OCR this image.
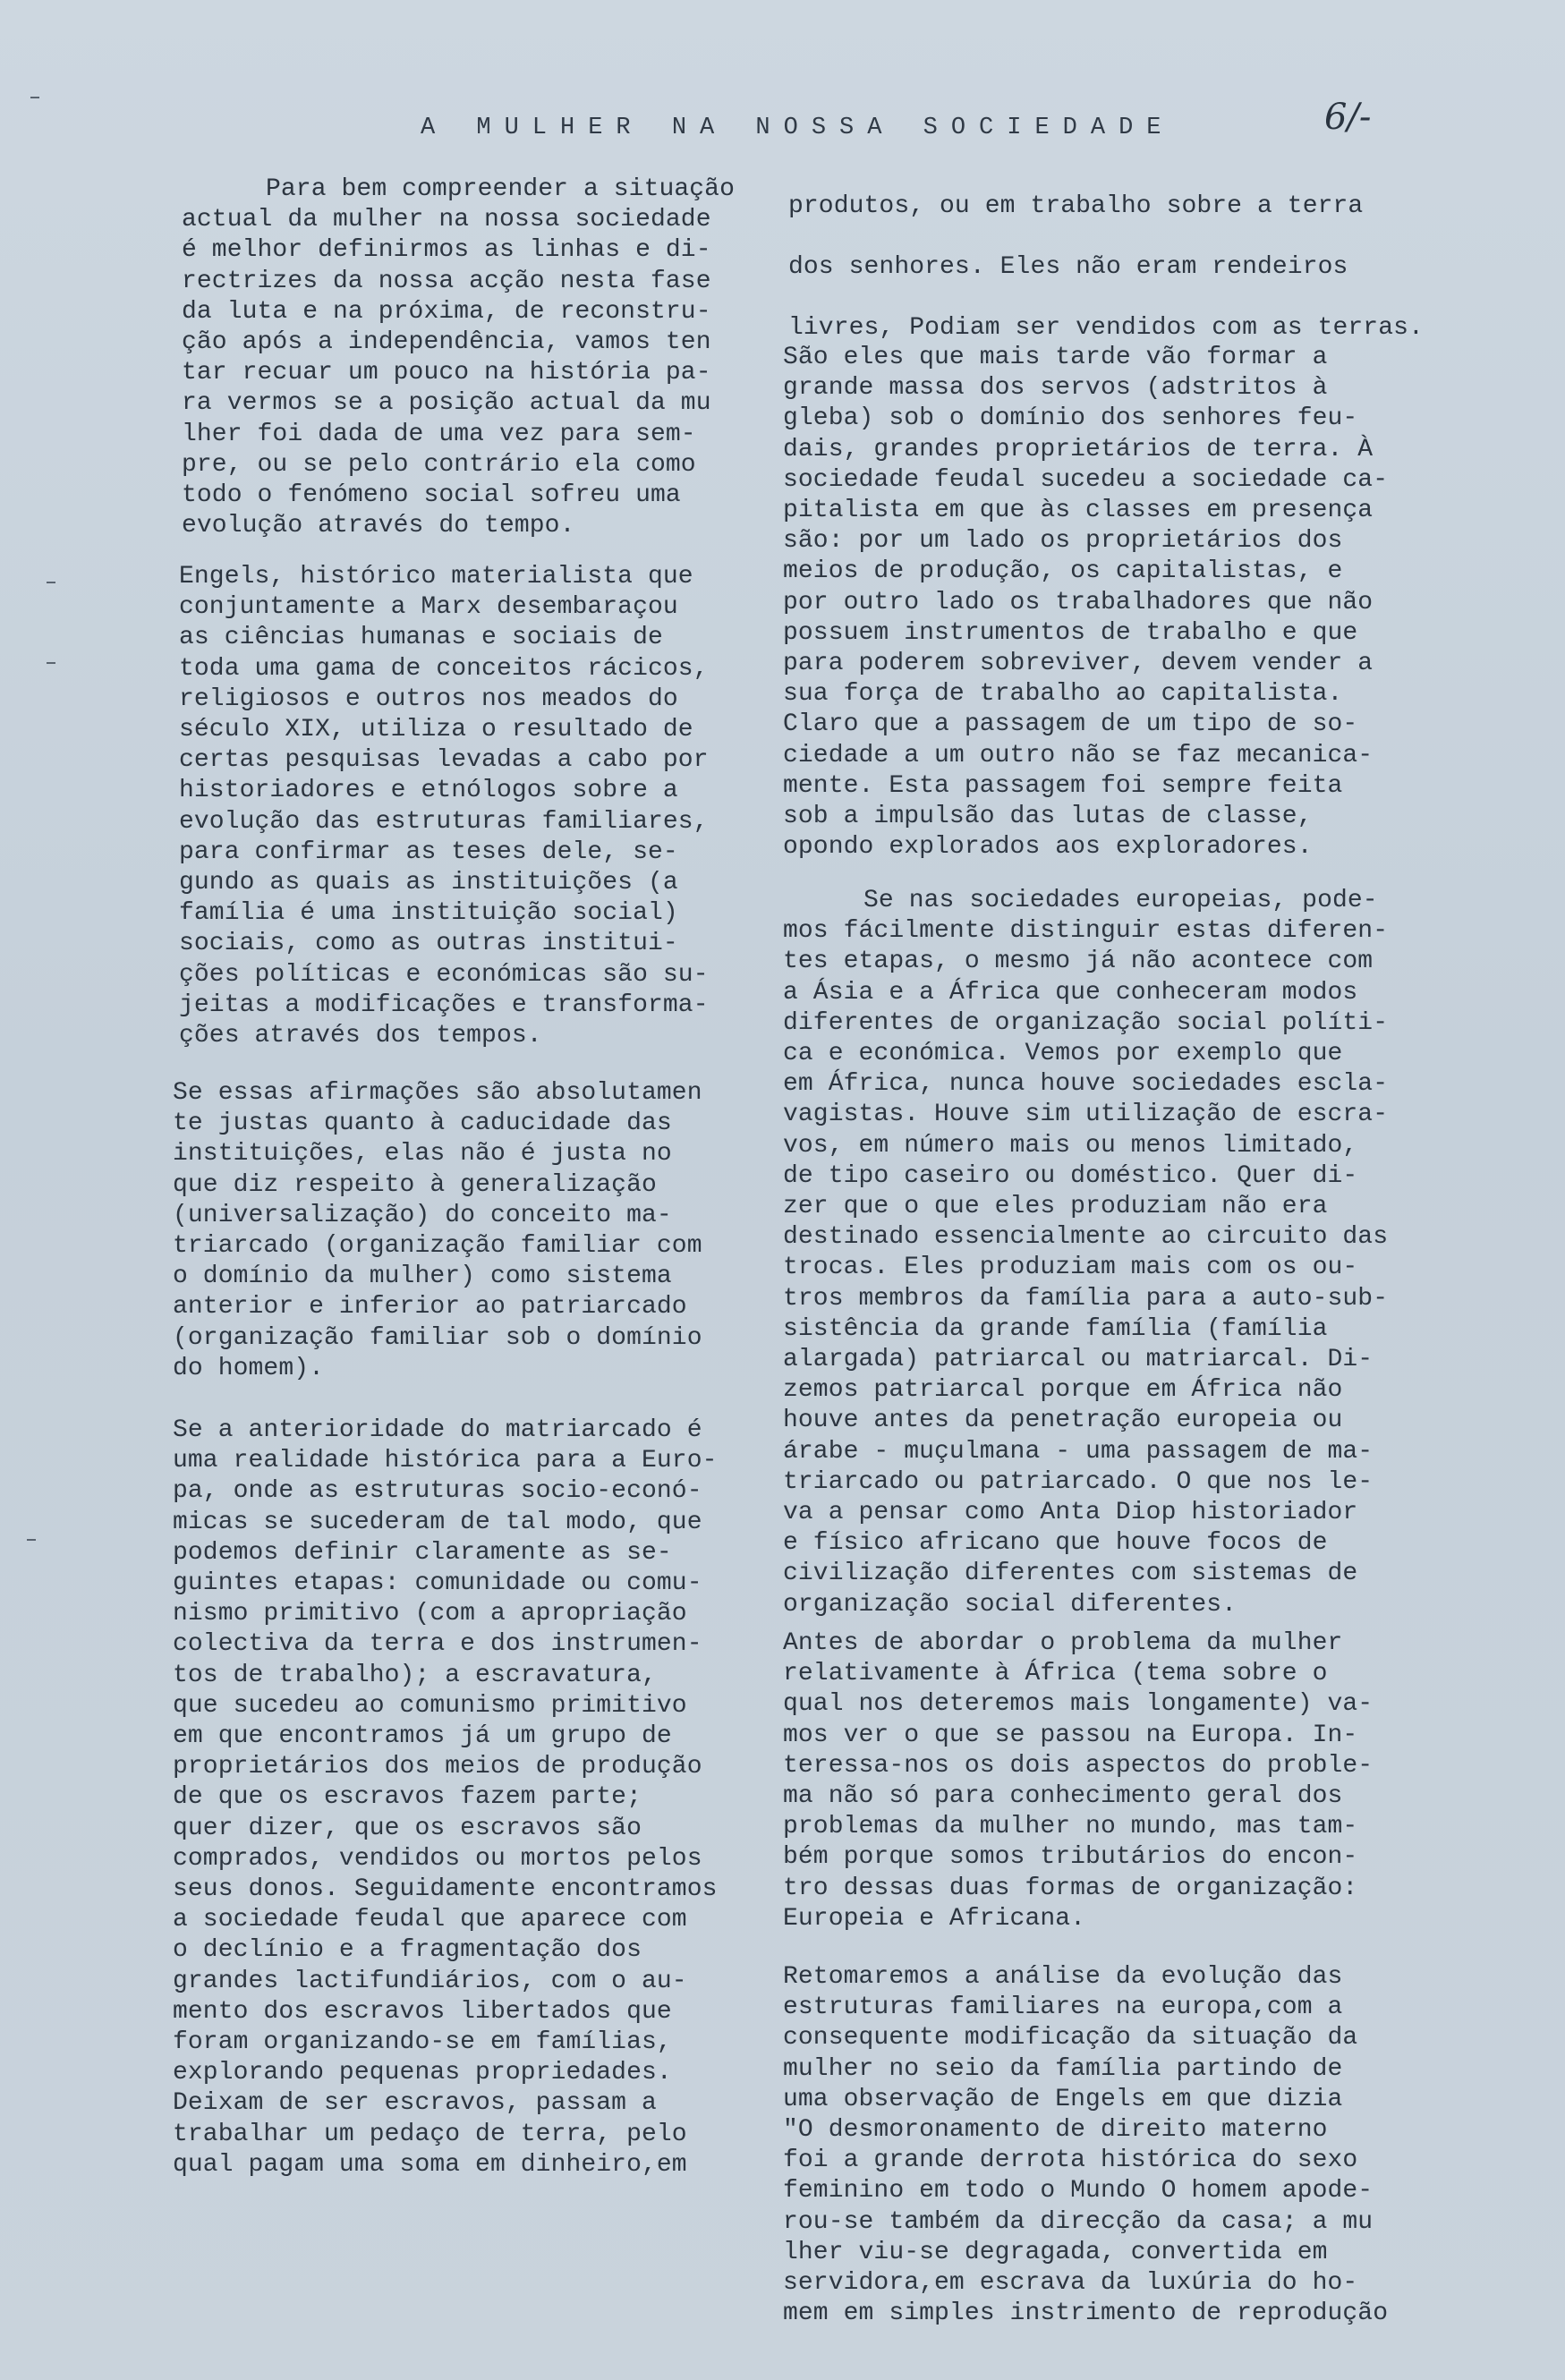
A MULHER NA NOSSA SOCIEDADE	6/-
Para bem compreender a situação
actual da mulher na nossa sociedade
é melhor definirmos as linhas e di-
rectrizes da nossa acção nesta fase
da luta e na próxima, de reconstru-
ção após a independência, vamos ten
tar recuar um pouco na história pa-
ra vermos se a posição actual da mu
lher foi dada de uma vez para sem-
pre, ou se pelo contrário ela como
todo o fenómeno social sofreu uma
evolução através do tempo.
Engels, histórico materialista que
conjuntamente a Marx desembaraçou
as ciências humanas e sociais de
toda uma gama de conceitos rácicos,
religiosos e outros nos meados do
século XIX, utiliza o resultado de
certas pesquisas levadas a cabo por
historiadores e etnólogos sobre a
evolução das estruturas familiares,
para confirmar as teses dele, se-
gundo as quais as instituições (a
família é uma instituição social)
sociais, como as outras institui-
ções políticas e económicas são su-
jeitas a modificações e transforma-
ções através dos tempos.
Se essas afirmações são absolutamen
te justas quanto à caducidade das
instituições, elas não é justa no
que diz respeito à generalização
(universalização) do conceito ma-
triarcado (organização familiar com
o domínio da mulher) como sistema
anterior e inferior ao patriarcado
(organização familiar sob o domínio
do homem).
Se a anterioridade do matriarcado é
uma realidade histórica para a Euro-
pa, onde as estruturas socio-econó-
micas se sucederam de tal modo, que
podemos definir claramente as se-
guintes etapas: comunidade ou comu-
nismo primitivo (com a apropriação
colectiva da terra e dos instrumen-
tos de trabalho); a escravatura,
que sucedeu ao comunismo primitivo
em que encontramos já um grupo de
proprietários dos meios de produção
de que os escravos fazem parte;
quer dizer, que os escravos são
comprados, vendidos ou mortos pelos
seus donos. Seguidamente encontramos
a sociedade feudal que aparece com
o declínio e a fragmentação dos
grandes lactifundiários, com o au-
mento dos escravos libertados que
foram organizando-se em famílias,
explorando pequenas propriedades.
Deixam de ser escravos, passam a
trabalhar um pedaço de terra, pelo
qual pagam uma soma em dinheiro,em
produtos, ou em trabalho sobre a terra
dos senhores. Eles não eram rendeiros
livres, Podiam ser vendidos com as terras.
São eles que mais tarde vão formar a
grande massa dos servos (adstritos à
gleba) sob o domínio dos senhores feu-
dais, grandes proprietários de terra. À
sociedade feudal sucedeu a sociedade ca-
pitalista em que às classes em presença
são: por um lado os proprietários dos
meios de produção, os capitalistas, e
por outro lado os trabalhadores que não
possuem instrumentos de trabalho e que
para poderem sobreviver, devem vender a
sua força de trabalho ao capitalista.
Claro que a passagem de um tipo de so-
ciedade a um outro não se faz mecanica-
mente. Esta passagem foi sempre feita
sob a impulsão das lutas de classe,
opondo explorados aos exploradores.
Se nas sociedades europeias, pode-
mos fácilmente distinguir estas diferen-
tes etapas, o mesmo já não acontece com
a Ásia e a África que conheceram modos
diferentes de organização social políti-
ca e económica. Vemos por exemplo que
em África, nunca houve sociedades escla-
vagistas. Houve sim utilização de escra-
vos, em número mais ou menos limitado,
de tipo caseiro ou doméstico. Quer di-
zer que o que eles produziam não era
destinado essencialmente ao circuito das
trocas. Eles produziam mais com os ou-
tros membros da família para a auto-sub-
sistência da grande família (família
alargada) patriarcal ou matriarcal. Di-
zemos patriarcal porque em África não
houve antes da penetração europeia ou
árabe - muçulmana - uma passagem de ma-
triarcado ou patriarcado. O que nos le-
va a pensar como Anta Diop historiador
e físico africano que houve focos de
civilização diferentes com sistemas de
organização social diferentes.
Antes de abordar o problema da mulher
relativamente à África (tema sobre o
qual nos deteremos mais longamente) va-
mos ver o que se passou na Europa. In-
teressa-nos os dois aspectos do proble-
ma não só para conhecimento geral dos
problemas da mulher no mundo, mas tam-
bém porque somos tributários do encon-
tro dessas duas formas de organização:
Europeia e Africana.
Retomaremos a análise da evolução das
estruturas familiares na europa,com a
consequente modificação da situação da
mulher no seio da família partindo de
uma observação de Engels em que dizia
"O desmoronamento de direito materno
foi a grande derrota histórica do sexo
feminino em todo o Mundo O homem apode-
rou-se também da direcção da casa; a mu
lher viu-se degragada, convertida em
servidora,em escrava da luxúria do ho-
mem em simples instrimento de reprodução
